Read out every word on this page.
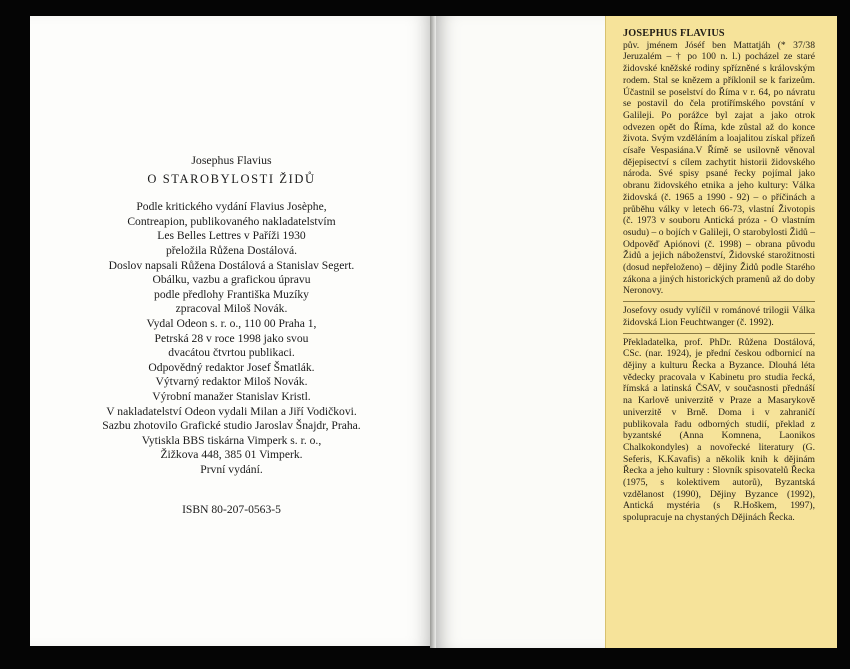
Josephus Flavius
O STAROBYLOSTI ŽIDŮ
Podle kritického vydání Flavius Josèphe,
Contreapion, publikovaného nakladatelstvím
Les Belles Lettres v Paříži 1930
přeložila Růžena Dostálová.
Doslov napsali Růžena Dostálová a Stanislav Segert.
Obálku, vazbu a grafickou úpravu
podle předlohy Františka Muzíky
zpracoval Miloš Novák.
Vydal Odeon s. r. o., 110 00 Praha 1,
Petrská 28 v roce 1998 jako svou
dvacátou čtvrtou publikaci.
Odpovědný redaktor Josef Šmatlák.
Výtvarný redaktor Miloš Novák.
Výrobní manažer Stanislav Kristl.
V nakladatelství Odeon vydali Milan a Jiří Vodičkovi.
Sazbu zhotovilo Grafické studio Jaroslav Šnajdr, Praha.
Vytiskla BBS tiskárna Vimperk s. r. o.,
Žižkova 448, 385 01 Vimperk.
První vydání.
ISBN 80-207-0563-5
JOSEPHUS FLAVIUS

pův. jménem Jóséf ben Mattatjáh (* 37/38 Jeruzalém – † po 100 n. l.) pocházel ze staré židovské kněžské rodiny spřízněné s královským rodem. Stal se knězem a příklonil se k farizeům. Účastnil se poselství do Říma v r. 64, po návratu se postavil do čela protiřímského povstání v Galileji. Po porážce byl zajat a jako otrok odvezen opět do Říma, kde zůstal až do konce života. Svým vzděláním a loajalitou získal přízeň císaře Vespasiána.V Římě se usilovně věnoval dějepisectví s cílem zachytit historii židovského národa. Své spisy psané řecky pojímal jako obranu židovského etnika a jeho kultury: Válka židovská (č. 1965 a 1990 - 92) – o příčinách a průběhu války v letech 66-73, vlastní Životopis (č. 1973 v souboru Antická próza - O vlastním osudu) – o bojích v Galileji, O starobylosti Židů – Odpověď Apiónovi (č. 1998) – obrana původu Židů a jejich náboženství, Židovské starožitnosti (dosud nepřeloženo) – dějiny Židů podle Starého zákona a jiných historických pramenů až do doby Neronovy.

Josefovy osudy vylíčil v románové trilogii Válka židovská Lion Feuchtwanger (č. 1992).

Překladatelka, prof. PhDr. Růžena Dostálová, CSc. (nar. 1924), je přední českou odbornicí na dějiny a kulturu Řecka a Byzance. Dlouhá léta vědecky pracovala v Kabinetu pro studia řecká, římská a latinská ČSAV, v současnosti přednáší na Karlově univerzitě v Praze a Masarykově univerzitě v Brně. Doma i v zahraničí publikovala řadu odborných studií, překlad z byzantské (Anna Komnena, Laonikos Chalkokondyles) a novořecké literatury (G. Seferis, K.Kavafis) a několik knih k dějinám Řecka a jeho kultury : Slovník spisovatelů Řecka (1975, s kolektivem autorů), Byzantská vzdělanost (1990), Dějiny Byzance (1992), Antická mystéria (s R.Hoškem, 1997), spolupracuje na chystaných Dějinách Řecka.
